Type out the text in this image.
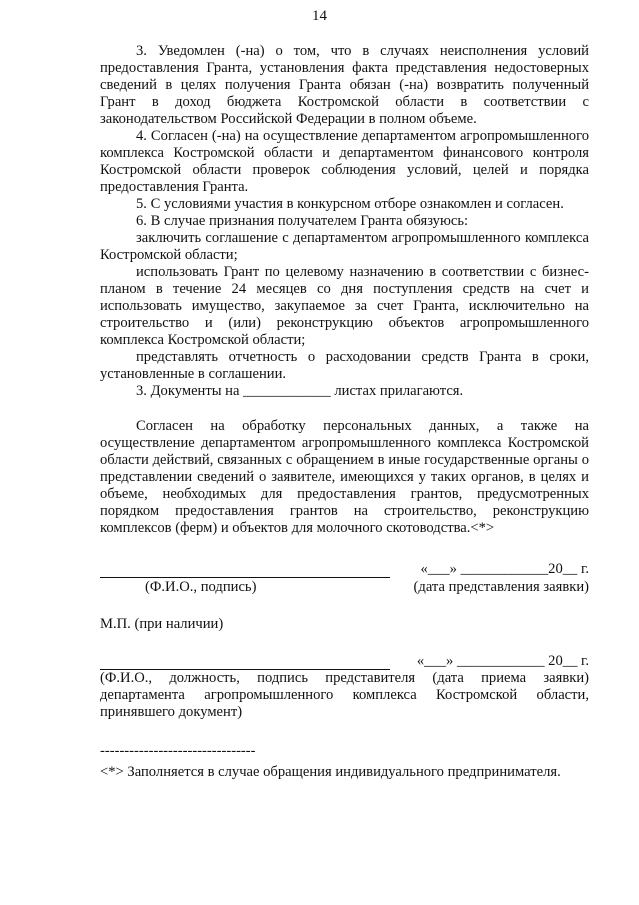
14

3. Уведомлен (-на) о том, что в случаях неисполнения условий предоставления Гранта, установления факта представления недостоверных сведений в целях получения Гранта обязан (-на) возвратить полученный Грант в доход бюджета Костромской области в соответствии с законодательством Российской Федерации в полном объеме.

4. Согласен (-на) на осуществление департаментом агропромышленного комплекса Костромской области и департаментом финансового контроля Костромской области проверок соблюдения условий, целей и порядка предоставления Гранта.

5. С условиями участия в конкурсном отборе ознакомлен и согласен.

6. В случае признания получателем Гранта обязуюсь:

заключить соглашение с департаментом агропромышленного комплекса Костромской области;

использовать Грант по целевому назначению в соответствии с бизнес-планом в течение 24 месяцев со дня поступления средств на счет и использовать имущество, закупаемое за счет Гранта, исключительно на строительство и (или) реконструкцию объектов агропромышленного комплекса Костромской области;

представлять отчетность о расходовании средств Гранта в сроки, установленные в соглашении.

3. Документы на ____________ листах прилагаются.

Согласен на обработку персональных данных, а также на осуществление департаментом агропромышленного комплекса Костромской области действий, связанных с обращением в иные государственные органы о представлении сведений о заявителе, имеющихся у таких органов, в целях и объеме, необходимых для предоставления грантов, предусмотренных порядком предоставления грантов на строительство, реконструкцию комплексов (ферм) и объектов для молочного скотоводства.<*>

«___» ____________20__ г.
(Ф.И.О., подпись)	(дата представления заявки)
М.П. (при наличии)
«___» ____________ 20__ г.
(Ф.И.О., должность, подпись представителя (дата приема заявки)
департамента агропромышленного комплекса Костромской области,
принявшего документ)
--------------------------------
<*> Заполняется в случае обращения индивидуального предпринимателя.
